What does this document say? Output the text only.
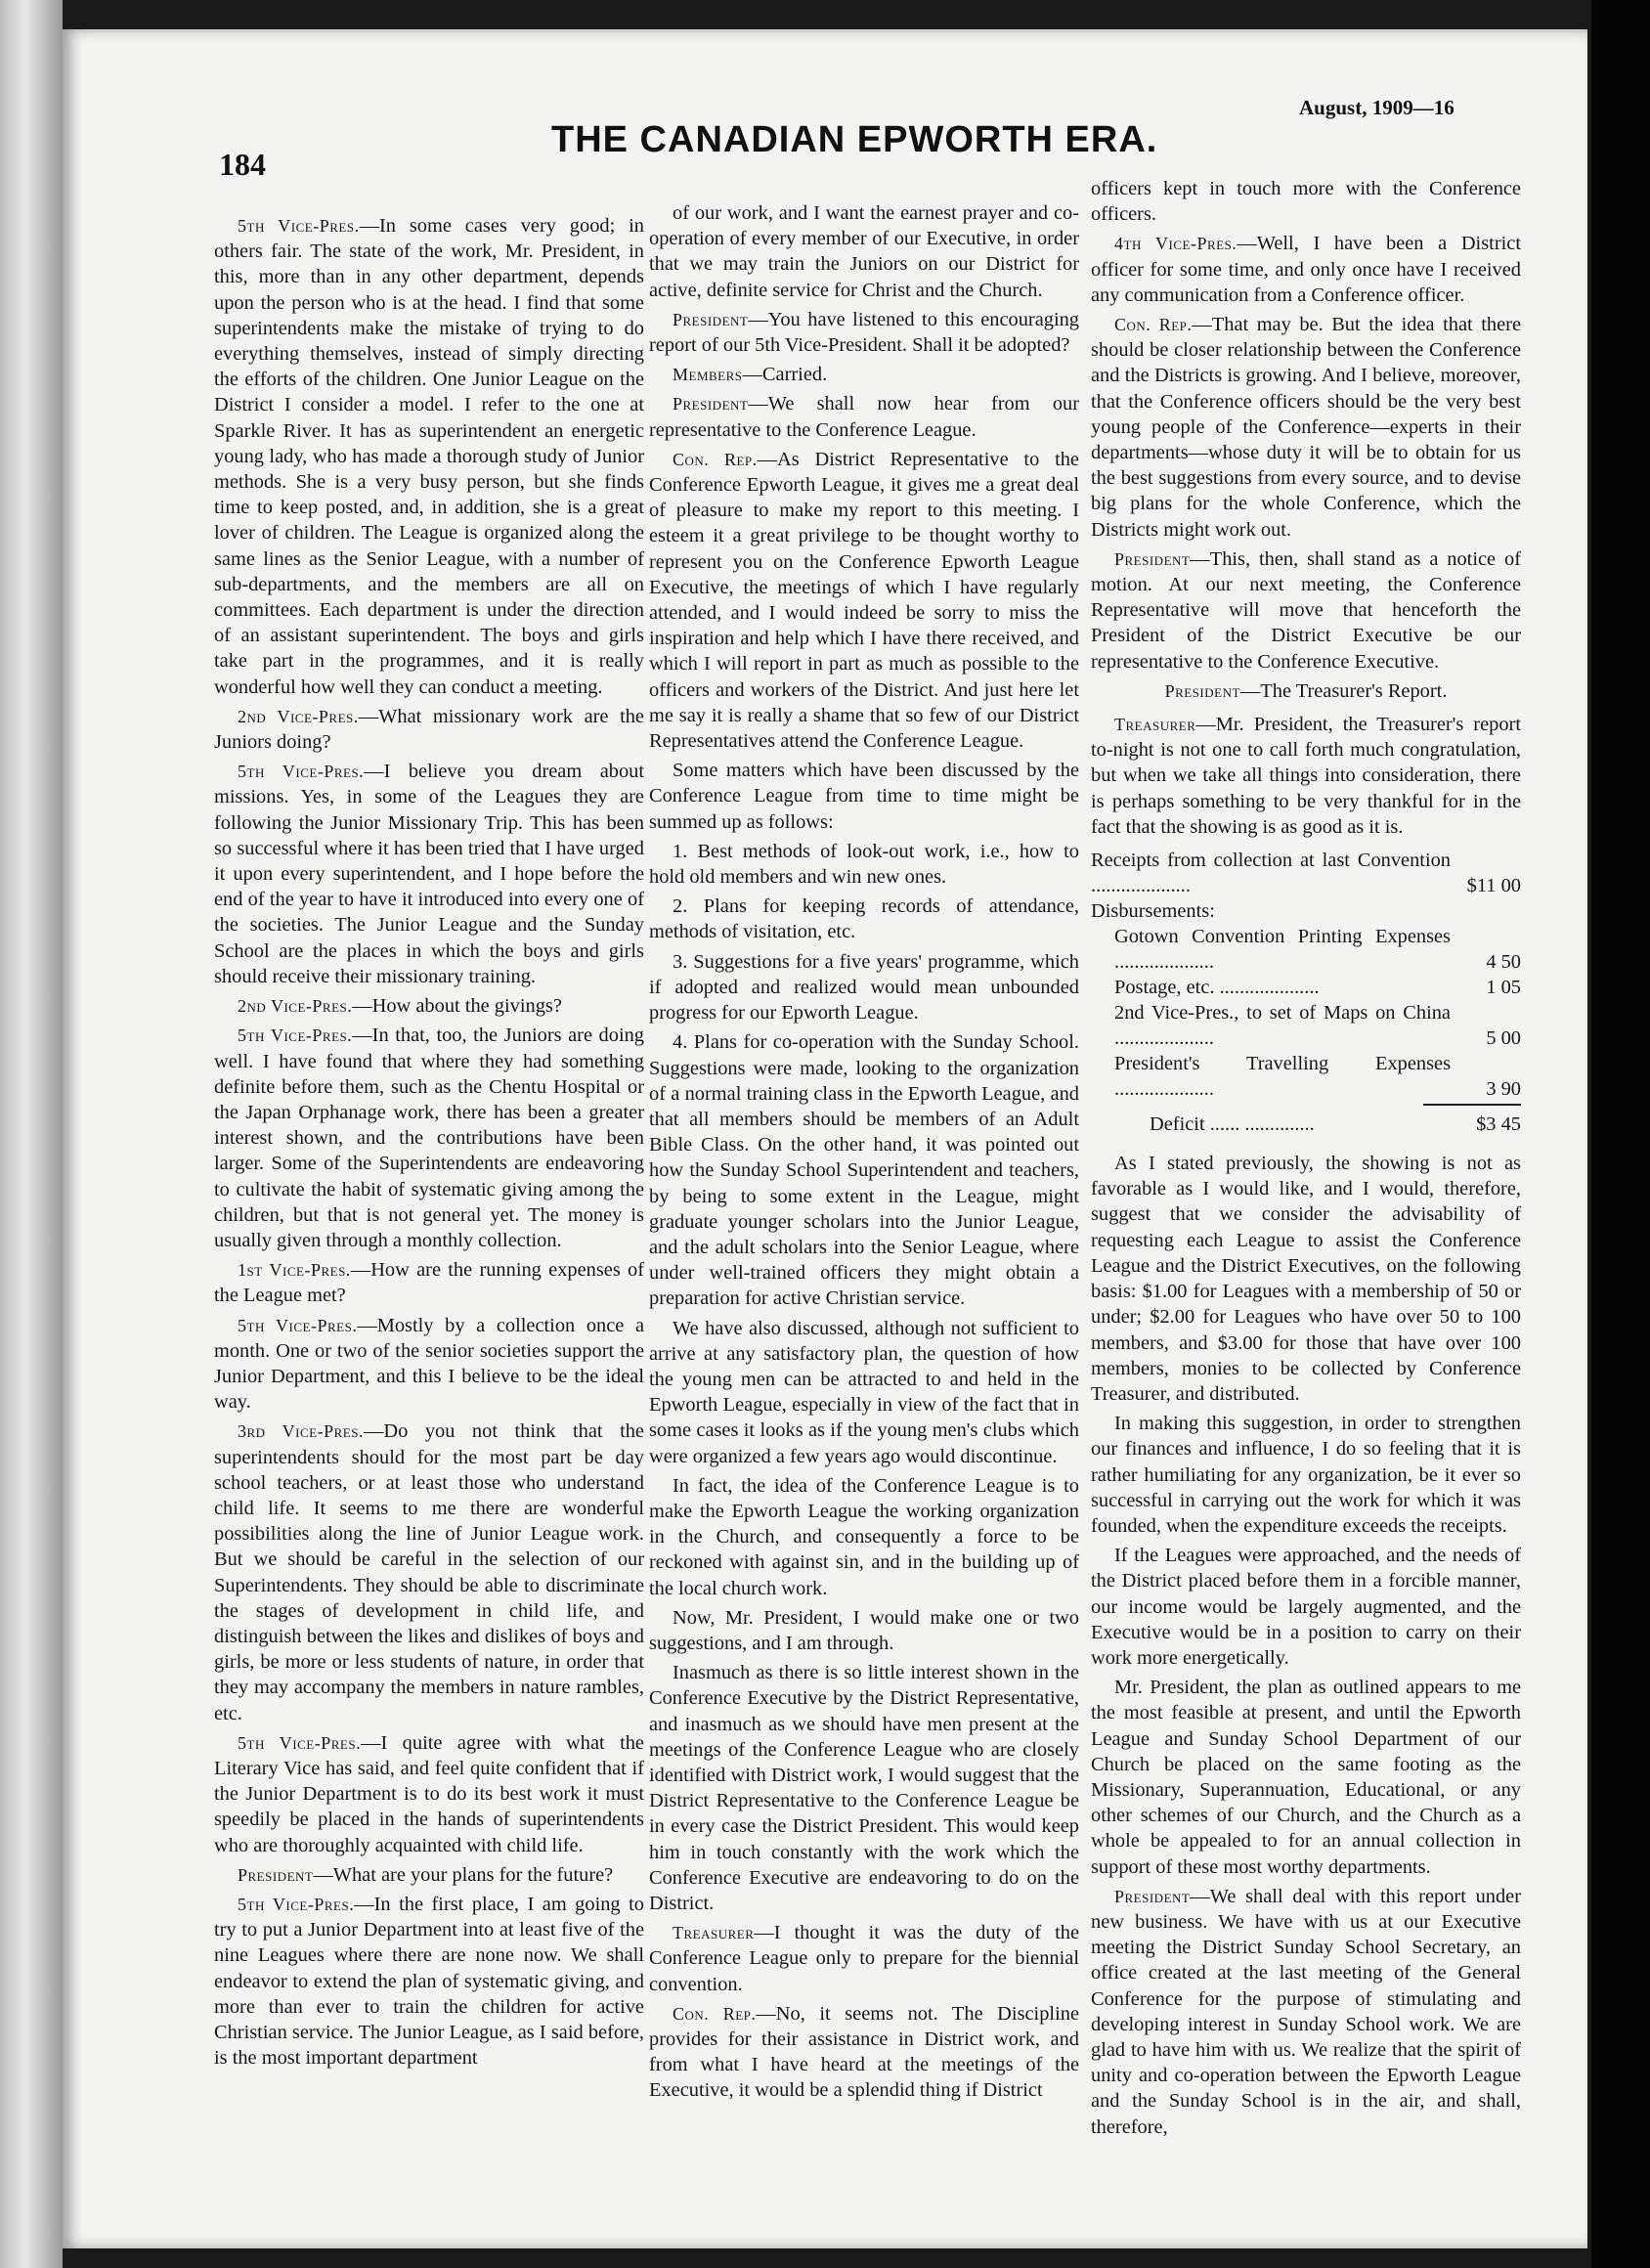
184
THE CANADIAN EPWORTH ERA.
August, 1909—16

5th Vice-Pres.—In some cases very good; in others fair. The state of the work, Mr. President, in this, more than in any other department, depends upon the person who is at the head. I find that some superintendents make the mistake of trying to do everything themselves, instead of simply directing the efforts of the children. One Junior League on the District I consider a model. I refer to the one at Sparkle River. It has as superintendent an energetic young lady, who has made a thorough study of Junior methods. She is a very busy person, but she finds time to keep posted, and, in addition, she is a great lover of children. The League is organized along the same lines as the Senior League, with a number of sub-departments, and the members are all on committees. Each department is under the direction of an assistant superintendent. The boys and girls take part in the programmes, and it is really wonderful how well they can conduct a meeting.

2nd Vice-Pres.—What missionary work are the Juniors doing?

5th Vice-Pres.—I believe you dream about missions. Yes, in some of the Leagues they are following the Junior Missionary Trip. This has been so successful where it has been tried that I have urged it upon every superintendent, and I hope before the end of the year to have it introduced into every one of the societies. The Junior League and the Sunday School are the places in which the boys and girls should receive their missionary training.

2nd Vice-Pres.—How about the givings?

5th Vice-Pres.—In that, too, the Juniors are doing well. I have found that where they had something definite before them, such as the Chentu Hospital or the Japan Orphanage work, there has been a greater interest shown, and the contributions have been larger. Some of the Superintendents are endeavoring to cultivate the habit of systematic giving among the children, but that is not general yet. The money is usually given through a monthly collection.

1st Vice-Pres.—How are the running expenses of the League met?

5th Vice-Pres.—Mostly by a collection once a month. One or two of the senior societies support the Junior Department, and this I believe to be the ideal way.

3rd Vice-Pres.—Do you not think that the superintendents should for the most part be day school teachers, or at least those who understand child life. It seems to me there are wonderful possibilities along the line of Junior League work. But we should be careful in the selection of our Superintendents. They should be able to discriminate the stages of development in child life, and distinguish between the likes and dislikes of boys and girls, be more or less students of nature, in order that they may accompany the members in nature rambles, etc.

5th Vice-Pres.—I quite agree with what the Literary Vice has said, and feel quite confident that if the Junior Department is to do its best work it must speedily be placed in the hands of superintendents who are thoroughly acquainted with child life.

President—What are your plans for the future?

5th Vice-Pres.—In the first place, I am going to try to put a Junior Department into at least five of the nine Leagues where there are none now. We shall endeavor to extend the plan of systematic giving, and more than ever to train the children for active Christian service. The Junior League, as I said before, is the most important department

of our work, and I want the earnest prayer and co-operation of every member of our Executive, in order that we may train the Juniors on our District for active, definite service for Christ and the Church.

President—You have listened to this encouraging report of our 5th Vice-President. Shall it be adopted?

Members—Carried.

President—We shall now hear from our representative to the Conference League.

Con. Rep.—As District Representative to the Conference Epworth League, it gives me a great deal of pleasure to make my report to this meeting. I esteem it a great privilege to be thought worthy to represent you on the Conference Epworth League Executive, the meetings of which I have regularly attended, and I would indeed be sorry to miss the inspiration and help which I have there received, and which I will report in part as much as possible to the officers and workers of the District. And just here let me say it is really a shame that so few of our District Representatives attend the Conference League.

Some matters which have been discussed by the Conference League from time to time might be summed up as follows:

1. Best methods of look-out work, i.e., how to hold old members and win new ones.

2. Plans for keeping records of attendance, methods of visitation, etc.

3. Suggestions for a five years' programme, which if adopted and realized would mean unbounded progress for our Epworth League.

4. Plans for co-operation with the Sunday School. Suggestions were made, looking to the organization of a normal training class in the Epworth League, and that all members should be members of an Adult Bible Class. On the other hand, it was pointed out how the Sunday School Superintendent and teachers, by being to some extent in the League, might graduate younger scholars into the Junior League, and the adult scholars into the Senior League, where under well-trained officers they might obtain a preparation for active Christian service.

We have also discussed, although not sufficient to arrive at any satisfactory plan, the question of how the young men can be attracted to and held in the Epworth League, especially in view of the fact that in some cases it looks as if the young men's clubs which were organized a few years ago would discontinue.

In fact, the idea of the Conference League is to make the Epworth League the working organization in the Church, and consequently a force to be reckoned with against sin, and in the building up of the local church work.

Now, Mr. President, I would make one or two suggestions, and I am through.

Inasmuch as there is so little interest shown in the Conference Executive by the District Representative, and inasmuch as we should have men present at the meetings of the Conference League who are closely identified with District work, I would suggest that the District Representative to the Conference League be in every case the District President. This would keep him in touch constantly with the work which the Conference Executive are endeavoring to do on the District.

Treasurer—I thought it was the duty of the Conference League only to prepare for the biennial convention.

Con. Rep.—No, it seems not. The Discipline provides for their assistance in District work, and from what I have heard at the meetings of the Executive, it would be a splendid thing if District

officers kept in touch more with the Conference officers.

4th Vice-Pres.—Well, I have been a District officer for some time, and only once have I received any communication from a Conference officer.

Con. Rep.—That may be. But the idea that there should be closer relationship between the Conference and the Districts is growing. And I believe, moreover, that the Conference officers should be the very best young people of the Conference—experts in their departments—whose duty it will be to obtain for us the best suggestions from every source, and to devise big plans for the whole Conference, which the Districts might work out.

President—This, then, shall stand as a notice of motion. At our next meeting, the Conference Representative will move that henceforth the President of the District Executive be our representative to the Conference Executive.

President—The Treasurer's Report.

Treasurer—Mr. President, the Treasurer's report to-night is not one to call forth much congratulation, but when we take all things into consideration, there is perhaps something to be very thankful for in the fact that the showing is as good as it is.

Receipts from collection at last Convention ....................	$11 00
Disbursements:
Gotown Convention Printing Expenses ....................	4 50
Postage, etc. ....................	1 05
2nd Vice-Pres., to set of Maps on China ....................	5 00
President's Travelling Expenses ....................	3 90
Deficit ...... ..............	$3 45

As I stated previously, the showing is not as favorable as I would like, and I would, therefore, suggest that we consider the advisability of requesting each League to assist the Conference League and the District Executives, on the following basis: $1.00 for Leagues with a membership of 50 or under; $2.00 for Leagues who have over 50 to 100 members, and $3.00 for those that have over 100 members, monies to be collected by Conference Treasurer, and distributed.

In making this suggestion, in order to strengthen our finances and influence, I do so feeling that it is rather humiliating for any organization, be it ever so successful in carrying out the work for which it was founded, when the expenditure exceeds the receipts.

If the Leagues were approached, and the needs of the District placed before them in a forcible manner, our income would be largely augmented, and the Executive would be in a position to carry on their work more energetically.

Mr. President, the plan as outlined appears to me the most feasible at present, and until the Epworth League and Sunday School Department of our Church be placed on the same footing as the Missionary, Superannuation, Educational, or any other schemes of our Church, and the Church as a whole be appealed to for an annual collection in support of these most worthy departments.

President—We shall deal with this report under new business. We have with us at our Executive meeting the District Sunday School Secretary, an office created at the last meeting of the General Conference for the purpose of stimulating and developing interest in Sunday School work. We are glad to have him with us. We realize that the spirit of unity and co-operation between the Epworth League and the Sunday School is in the air, and shall, therefore,
